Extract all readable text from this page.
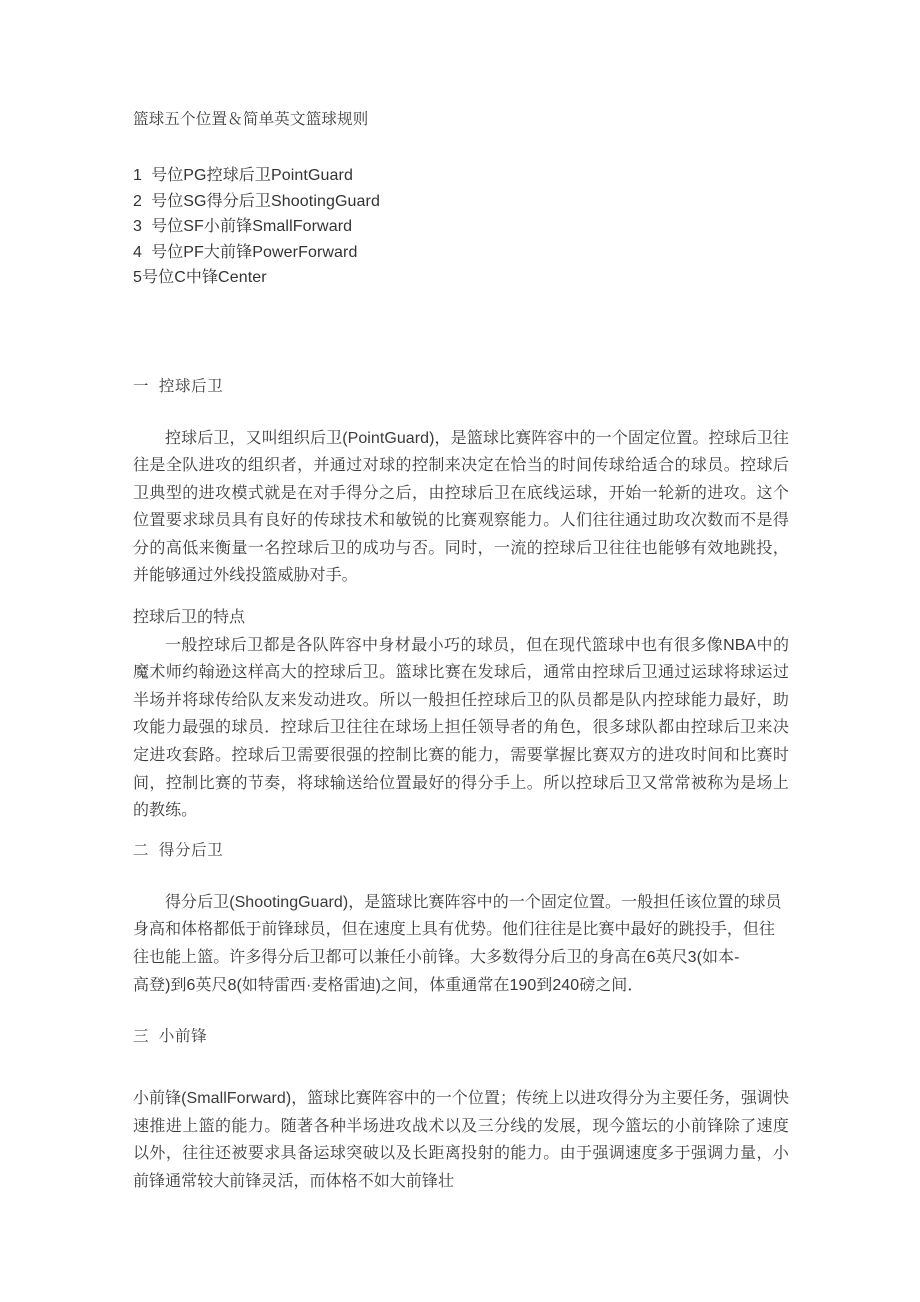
篮球五个位置＆简单英文篮球规则
1  号位PG控球后卫PointGuard
2  号位SG得分后卫ShootingGuard
3  号位SF小前锋SmallForward
4  号位PF大前锋PowerForward
5号位C中锋Center
一  控球后卫

控球后卫，又叫组织后卫(PointGuard)，是篮球比赛阵容中的一个固定位置。控球后卫往往是全队进攻的组织者，并通过对球的控制来决定在恰当的时间传球给适合的球员。控球后卫典型的进攻模式就是在对手得分之后，由控球后卫在底线运球，开始一轮新的进攻。这个位置要求球员具有良好的传球技术和敏锐的比赛观察能力。人们往往通过助攻次数而不是得分的高低来衡量一名控球后卫的成功与否。同时，一流的控球后卫往往也能够有效地跳投，并能够通过外线投篮威胁对手。

控球后卫的特点

一般控球后卫都是各队阵容中身材最小巧的球员，但在现代篮球中也有很多像NBA中的魔术师约翰逊这样高大的控球后卫。篮球比赛在发球后，通常由控球后卫通过运球将球运过半场并将球传给队友来发动进攻。所以一般担任控球后卫的队员都是队内控球能力最好，助攻能力最强的球员．控球后卫往往在球场上担任领导者的角色，很多球队都由控球后卫来决定进攻套路。控球后卫需要很强的控制比赛的能力，需要掌握比赛双方的进攻时间和比赛时间，控制比赛的节奏，将球输送给位置最好的得分手上。所以控球后卫又常常被称为是场上的教练。

二  得分后卫

得分后卫(ShootingGuard)，是篮球比赛阵容中的一个固定位置。一般担任该位置的球员身高和体格都低于前锋球员，但在速度上具有优势。他们往往是比赛中最好的跳投手，但往往也能上篮。许多得分后卫都可以兼任小前锋。大多数得分后卫的身高在6英尺3(如本-

高登)到6英尺8(如特雷西·麦格雷迪)之间，体重通常在190到240磅之间．

三  小前锋

小前锋(SmallForward)，篮球比赛阵容中的一个位置；传统上以进攻得分为主要任务，强调快速推进上篮的能力。随著各种半场进攻战术以及三分线的发展，现今篮坛的小前锋除了速度以外，往往还被要求具备运球突破以及长距离投射的能力。由于强调速度多于强调力量，小前锋通常较大前锋灵活，而体格不如大前锋壮
